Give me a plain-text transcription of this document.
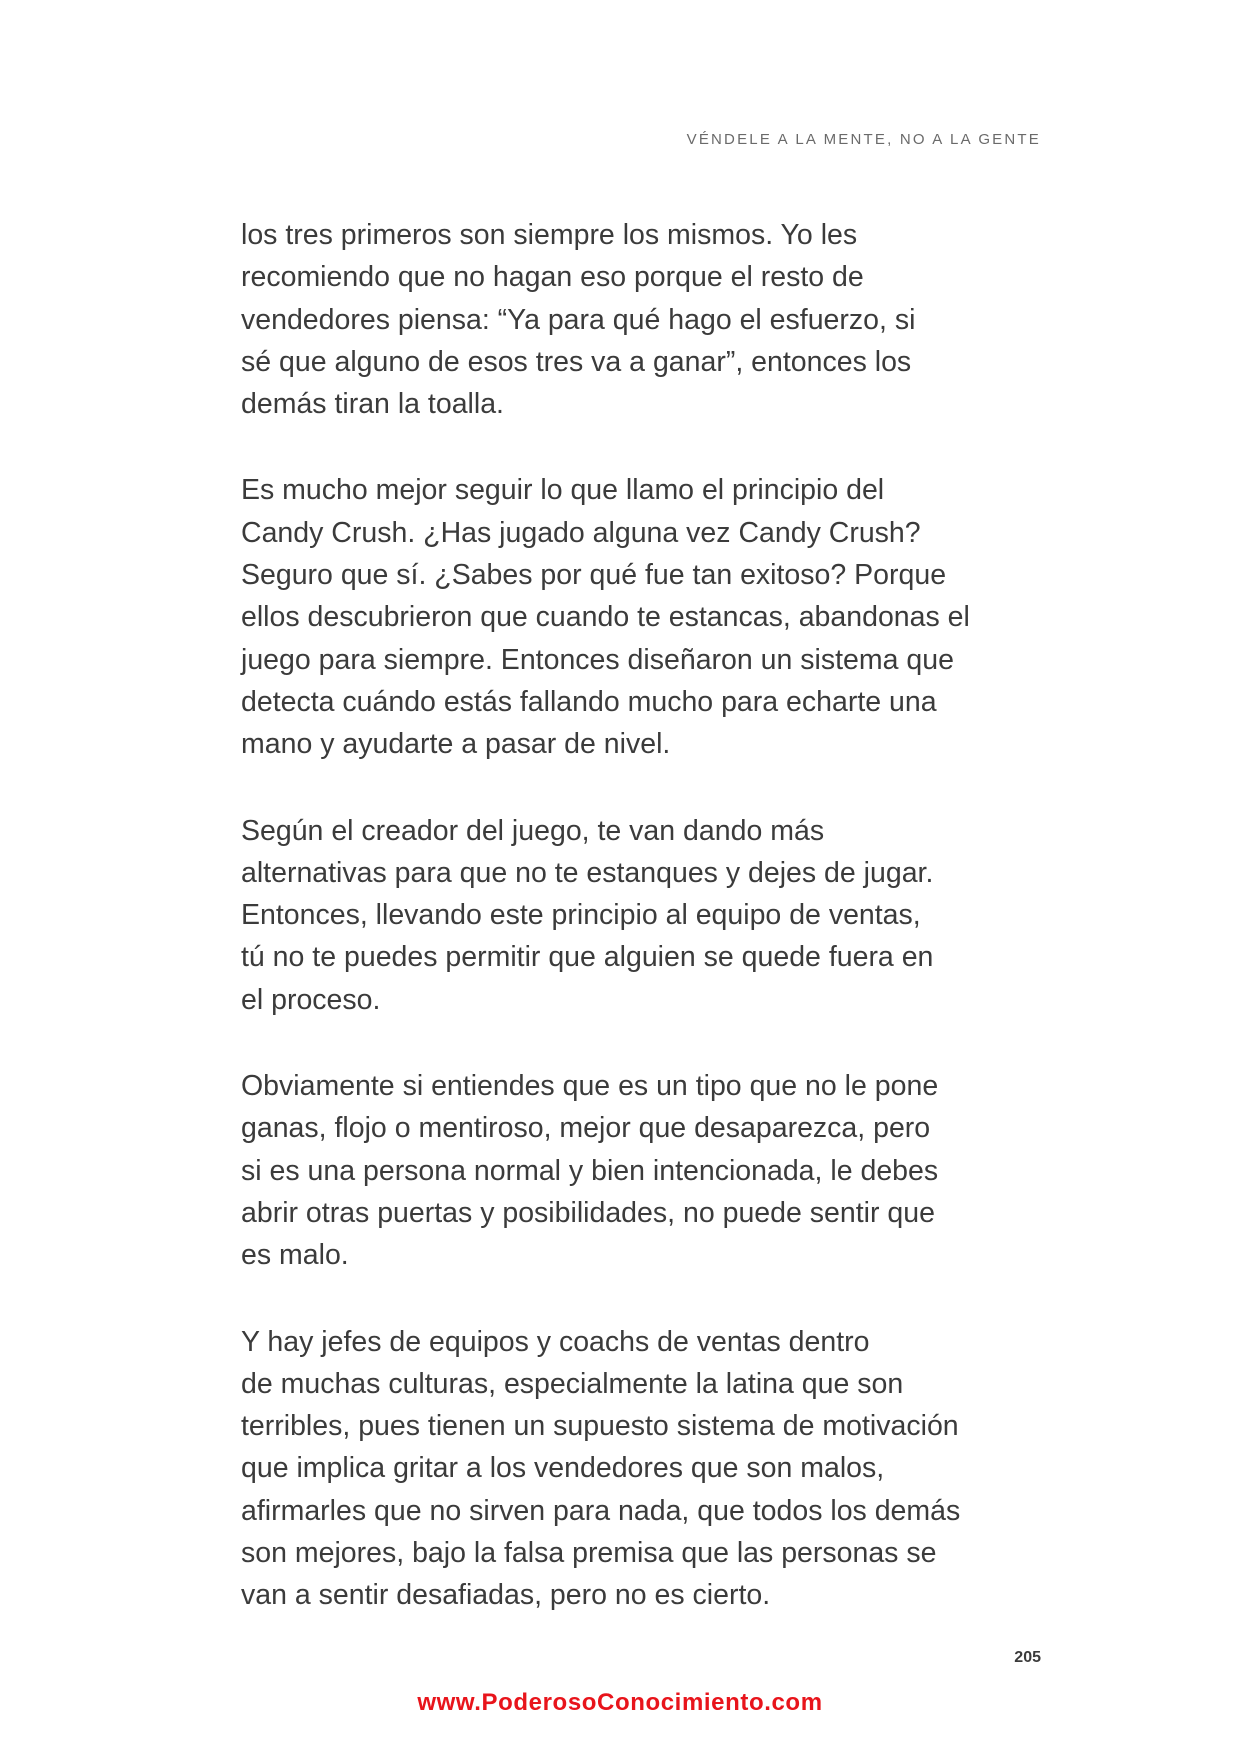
VÉNDELE A LA MENTE, NO A LA GENTE

los tres primeros son siempre los mismos. Yo les
recomiendo que no hagan eso porque el resto de
vendedores piensa: “Ya para qué hago el esfuerzo, si
sé que alguno de esos tres va a ganar”, entonces los
demás tiran la toalla.

Es mucho mejor seguir lo que llamo el principio del
Candy Crush. ¿Has jugado alguna vez Candy Crush?
Seguro que sí. ¿Sabes por qué fue tan exitoso? Porque
ellos descubrieron que cuando te estancas, abandonas el
juego para siempre. Entonces diseñaron un sistema que
detecta cuándo estás fallando mucho para echarte una
mano y ayudarte a pasar de nivel.

Según el creador del juego, te van dando más
alternativas para que no te estanques y dejes de jugar.
Entonces, llevando este principio al equipo de ventas,
tú no te puedes permitir que alguien se quede fuera en
el proceso.

Obviamente si entiendes que es un tipo que no le pone
ganas, flojo o mentiroso, mejor que desaparezca, pero
si es una persona normal y bien intencionada, le debes
abrir otras puertas y posibilidades, no puede sentir que
es malo.

Y hay jefes de equipos y coachs de ventas dentro
de muchas culturas, especialmente la latina que son
terribles, pues tienen un supuesto sistema de motivación
que implica gritar a los vendedores que son malos,
afirmarles que no sirven para nada, que todos los demás
son mejores, bajo la falsa premisa que las personas se
van a sentir desafiadas, pero no es cierto.

205
www.PoderosoConocimiento.com
